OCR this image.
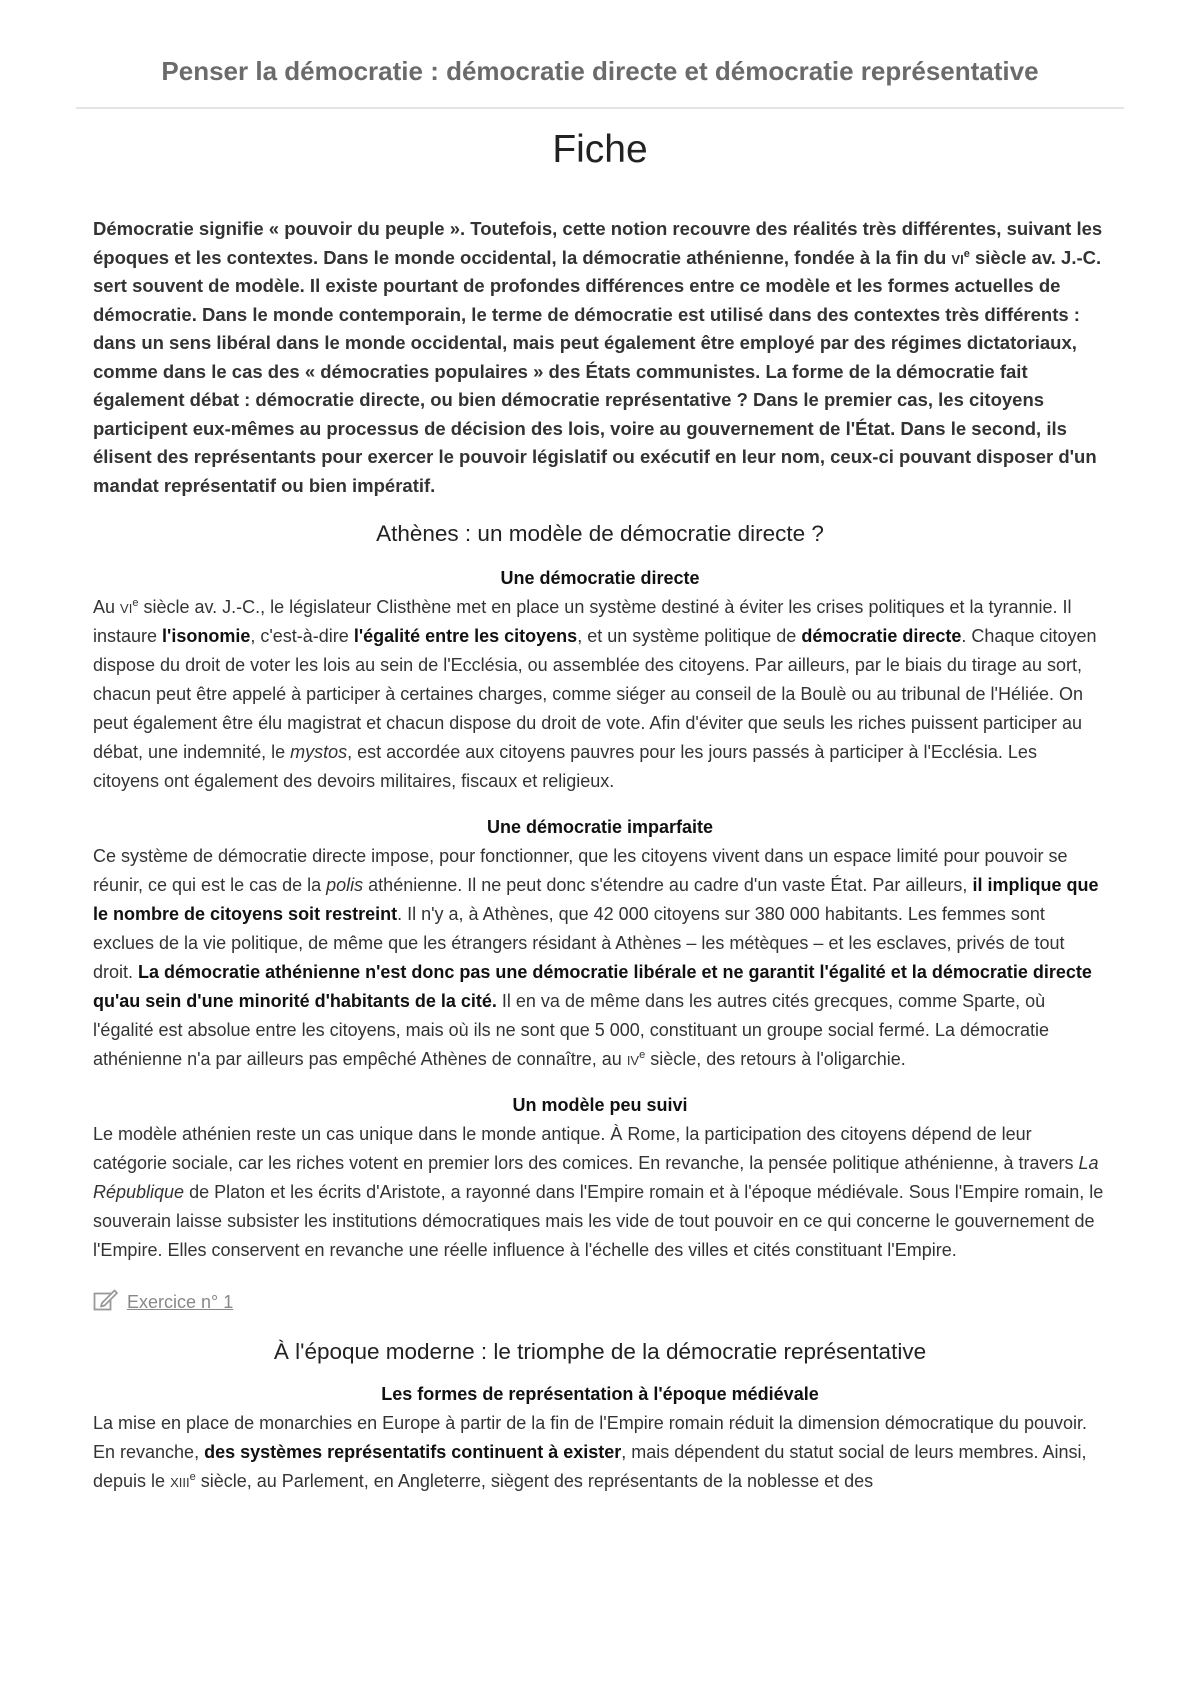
Penser la démocratie : démocratie directe et démocratie représentative
Fiche

Démocratie signifie « pouvoir du peuple ». Toutefois, cette notion recouvre des réalités très différentes, suivant les époques et les contextes. Dans le monde occidental, la démocratie athénienne, fondée à la fin du $vi^e$ siècle av. J.-C. sert souvent de modèle. Il existe pourtant de profondes différences entre ce modèle et les formes actuelles de démocratie. Dans le monde contemporain, le terme de démocratie est utilisé dans des contextes très différents : dans un sens libéral dans le monde occidental, mais peut également être employé par des régimes dictatoriaux, comme dans le cas des « démocraties populaires » des États communistes. La forme de la démocratie fait également débat : démocratie directe, ou bien démocratie représentative ? Dans le premier cas, les citoyens participent eux-mêmes au processus de décision des lois, voire au gouvernement de l'État. Dans le second, ils élisent des représentants pour exercer le pouvoir législatif ou exécutif en leur nom, ceux-ci pouvant disposer d'un mandat représentatif ou bien impératif.

Athènes : un modèle de démocratie directe ?
Une démocratie directe

Au $vi^e$ siècle av. J.-C., le législateur Clisthène met en place un système destiné à éviter les crises politiques et la tyrannie. Il instaure l'isonomie, c'est-à-dire l'égalité entre les citoyens, et un système politique de démocratie directe. Chaque citoyen dispose du droit de voter les lois au sein de l'Ecclésia, ou assemblée des citoyens. Par ailleurs, par le biais du tirage au sort, chacun peut être appelé à participer à certaines charges, comme siéger au conseil de la Boulè ou au tribunal de l'Héliée. On peut également être élu magistrat et chacun dispose du droit de vote. Afin d'éviter que seuls les riches puissent participer au débat, une indemnité, le mystos, est accordée aux citoyens pauvres pour les jours passés à participer à l'Ecclésia. Les citoyens ont également des devoirs militaires, fiscaux et religieux.

Une démocratie imparfaite

Ce système de démocratie directe impose, pour fonctionner, que les citoyens vivent dans un espace limité pour pouvoir se réunir, ce qui est le cas de la polis athénienne. Il ne peut donc s'étendre au cadre d'un vaste État. Par ailleurs, il implique que le nombre de citoyens soit restreint. Il n'y a, à Athènes, que 42 000 citoyens sur 380 000 habitants. Les femmes sont exclues de la vie politique, de même que les étrangers résidant à Athènes – les métèques – et les esclaves, privés de tout droit. La démocratie athénienne n'est donc pas une démocratie libérale et ne garantit l'égalité et la démocratie directe qu'au sein d'une minorité d'habitants de la cité. Il en va de même dans les autres cités grecques, comme Sparte, où l'égalité est absolue entre les citoyens, mais où ils ne sont que 5 000, constituant un groupe social fermé. La démocratie athénienne n'a par ailleurs pas empêché Athènes de connaître, au $iv^e$ siècle, des retours à l'oligarchie.

Un modèle peu suivi

Le modèle athénien reste un cas unique dans le monde antique. À Rome, la participation des citoyens dépend de leur catégorie sociale, car les riches votent en premier lors des comices. En revanche, la pensée politique athénienne, à travers La République de Platon et les écrits d'Aristote, a rayonné dans l'Empire romain et à l'époque médiévale. Sous l'Empire romain, le souverain laisse subsister les institutions démocratiques mais les vide de tout pouvoir en ce qui concerne le gouvernement de l'Empire. Elles conservent en revanche une réelle influence à l'échelle des villes et cités constituant l'Empire.

Exercice n° 1
À l'époque moderne : le triomphe de la démocratie représentative
Les formes de représentation à l'époque médiévale

La mise en place de monarchies en Europe à partir de la fin de l'Empire romain réduit la dimension démocratique du pouvoir. En revanche, des systèmes représentatifs continuent à exister, mais dépendent du statut social de leurs membres. Ainsi, depuis le xiii$^e$ siècle, au Parlement, en Angleterre, siègent des représentants de la noblesse et des
